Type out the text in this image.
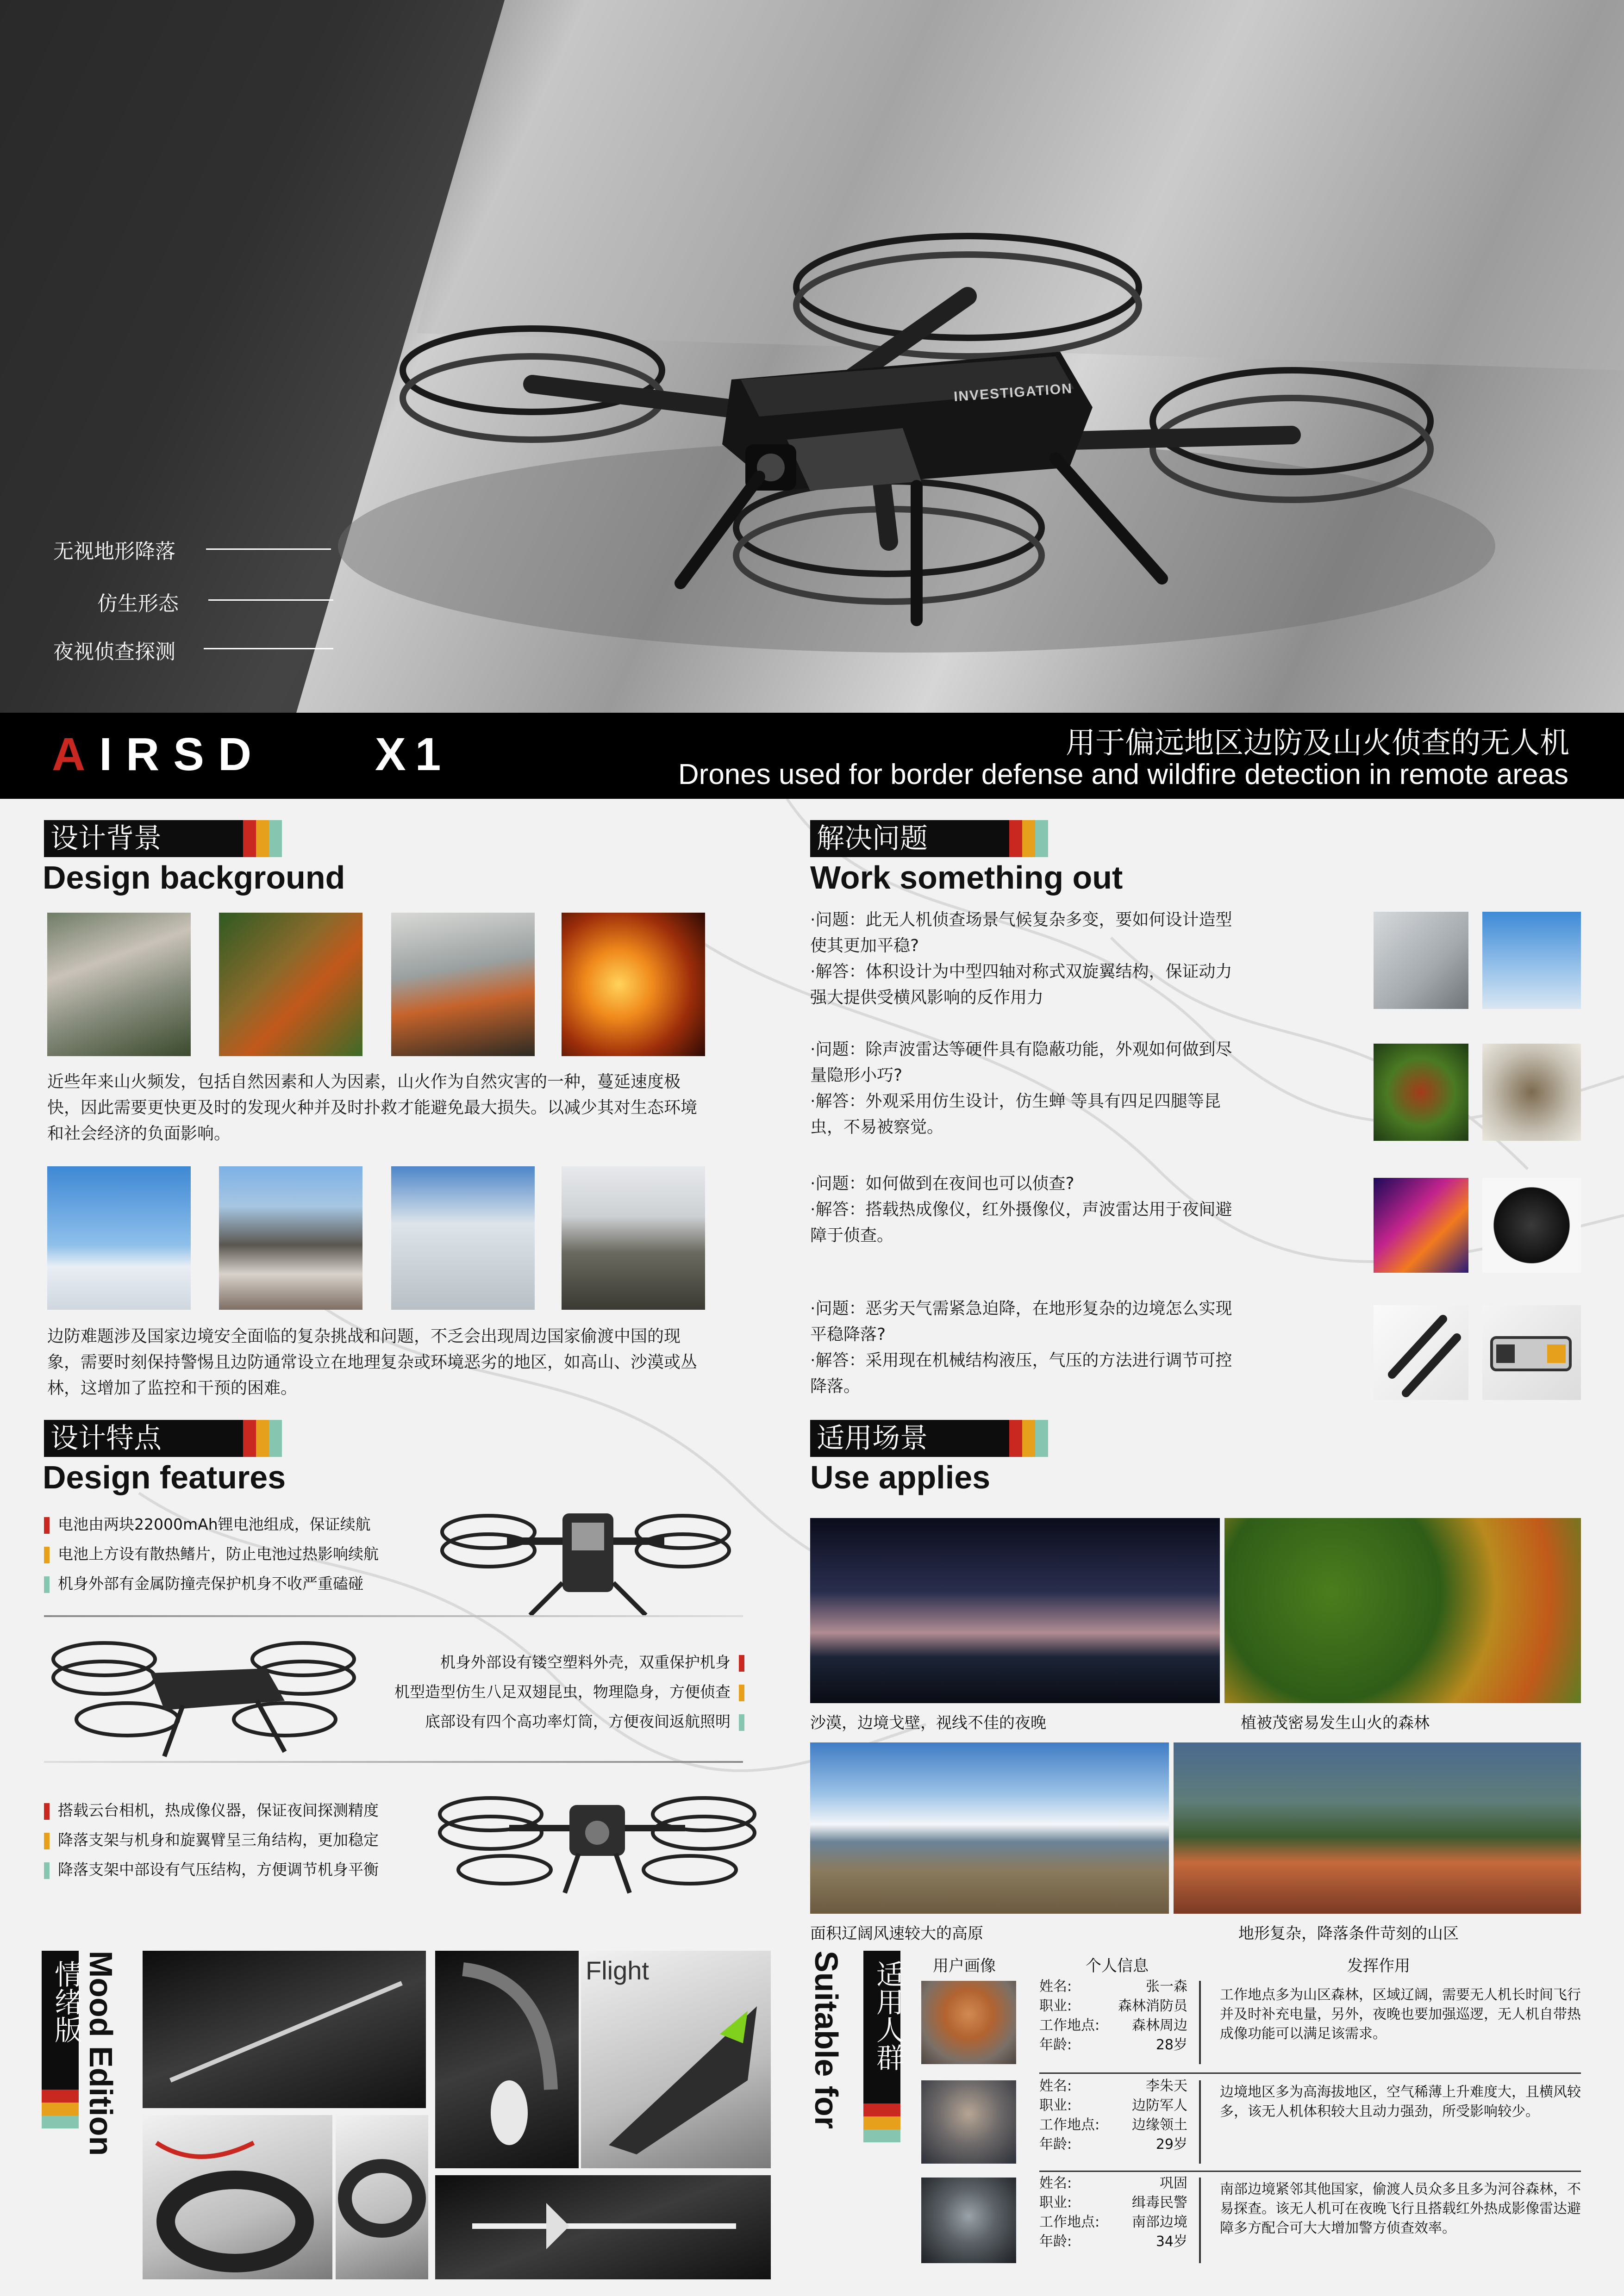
INVESTIGATION
无视地形降落
仿生形态
夜视侦查探测
AIRSD X1	用于偏远地区边防及山火侦查的无人机
Drones used for border defense and wildfire detection in remote areas
设计背景
Design background
近些年来山火频发，包括自然因素和人为因素，山火作为自然灾害的一种，蔓延速度极快，因此需要更快更及时的发现火种并及时扑救才能避免最大损失。以减少其对生态环境和社会经济的负面影响。
边防难题涉及国家边境安全面临的复杂挑战和问题，不乏会出现周边国家偷渡中国的现象，需要时刻保持警惕且边防通常设立在地理复杂或环境恶劣的地区，如高山、沙漠或丛林，这增加了监控和干预的困难。
解决问题
Work something out
·问题：此无人机侦查场景气候复杂多变，要如何设计造型使其更加平稳?
·解答：体积设计为中型四轴对称式双旋翼结构，保证动力强大提供受横风影响的反作用力
·问题：除声波雷达等硬件具有隐蔽功能，外观如何做到尽量隐形小巧?
·解答：外观采用仿生设计，仿生蝉 等具有四足四腿等昆虫，不易被察觉。
·问题：如何做到在夜间也可以侦查?
·解答：搭载热成像仪，红外摄像仪，声波雷达用于夜间避障于侦查。
·问题：恶劣天气需紧急迫降，在地形复杂的边境怎么实现平稳降落?
·解答：采用现在机械结构液压，气压的方法进行调节可控降落。
设计特点
Design features
电池由两块22000mAh锂电池组成，保证续航
电池上方设有散热鳍片，防止电池过热影响续航
机身外部有金属防撞壳保护机身不收严重磕碰
机身外部设有镂空塑料外壳，双重保护机身
机型造型仿生八足双翅昆虫，物理隐身，方便侦查
底部设有四个高功率灯筒，方便夜间返航照明
搭载云台相机，热成像仪器，保证夜间探测精度
降落支架与机身和旋翼臂呈三角结构，更加稳定
降落支架中部设有气压结构，方便调节机身平衡
适用场景
Use applies
沙漠，边境戈壁，视线不佳的夜晚	植被茂密易发生山火的森林
面积辽阔风速较大的高原	地形复杂，降落条件苛刻的山区
情绪版 Mood Edition	Flight	适用人群
Suitable for	用户画像	个人信息	发挥作用
姓名:	张一森
职业:	森林消防员
工作地点: 森林周边
年龄:	28岁
工作地点多为山区森林，区域辽阔，需要无人机长时间飞行并及时补充电量，另外，夜晚也要加强巡逻，无人机自带热成像功能可以满足该需求。
姓名:	李朱天
职业:	边防军人
工作地点: 边缘领土
年龄:	29岁
边境地区多为高海拔地区，空气稀薄上升难度大，且横风较多，该无人机体积较大且动力强劲，所受影响较少。
姓名:	巩固
职业:	缉毒民警
工作地点: 南部边境
年龄:	34岁
南部边境紧邻其他国家，偷渡人员众多且多为河谷森林，不易探查。该无人机可在夜晚飞行且搭载红外热成影像雷达避障多方配合可大大增加警方侦查效率。
